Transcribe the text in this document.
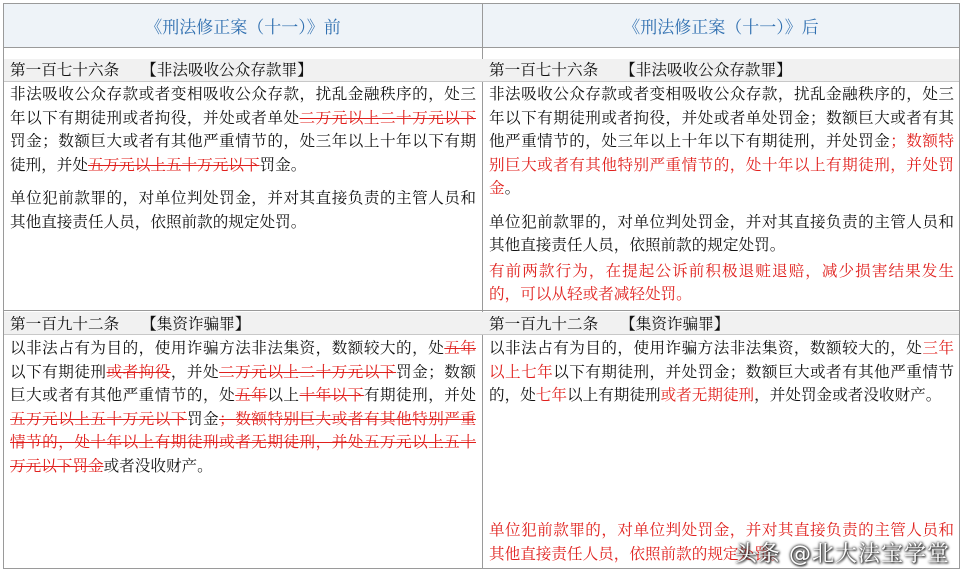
《刑法修正案（十一）》前	《刑法修正案（十一）》后
第一百七十六条 【非法吸收公众存款罪】
非法吸收公众存款或者变相吸收公众存款，扰乱金融秩序的，处三年以下有期徒刑或者拘役，并处或者单处二万元以上二十万元以下罚金；数额巨大或者有其他严重情节的，处三年以上十年以下有期徒刑，并处五万元以上五十万元以下罚金。
单位犯前款罪的，对单位判处罚金，并对其直接负责的主管人员和其他直接责任人员，依照前款的规定处罚。
第一百七十六条 【非法吸收公众存款罪】
非法吸收公众存款或者变相吸收公众存款，扰乱金融秩序的，处三年以下有期徒刑或者拘役，并处或者单处罚金；数额巨大或者有其他严重情节的，处三年以上十年以下有期徒刑，并处罚金；数额特别巨大或者有其他特别严重情节的，处十年以上有期徒刑，并处罚金。
单位犯前款罪的，对单位判处罚金，并对其直接负责的主管人员和其他直接责任人员，依照前款的规定处罚。
有前两款行为，在提起公诉前积极退赃退赔，减少损害结果发生的，可以从轻或者减轻处罚。
第一百九十二条 【集资诈骗罪】
以非法占有为目的，使用诈骗方法非法集资，数额较大的，处五年以下有期徒刑或者拘役，并处二万元以上二十万元以下罚金；数额巨大或者有其他严重情节的，处五年以上十年以下有期徒刑，并处五万元以上五十万元以下罚金；数额特别巨大或者有其他特别严重情节的，处十年以上有期徒刑或者无期徒刑，并处五万元以上五十万元以下罚金或者没收财产。
第一百九十二条 【集资诈骗罪】
以非法占有为目的，使用诈骗方法非法集资，数额较大的，处三年以上七年以下有期徒刑，并处罚金；数额巨大或者有其他严重情节的，处七年以上有期徒刑或者无期徒刑，并处罚金或者没收财产。
单位犯前款罪的，对单位判处罚金，并对其直接负责的主管人员和其他直接责任人员，依照前款的规定处罚。
头条 @北大法宝学堂
